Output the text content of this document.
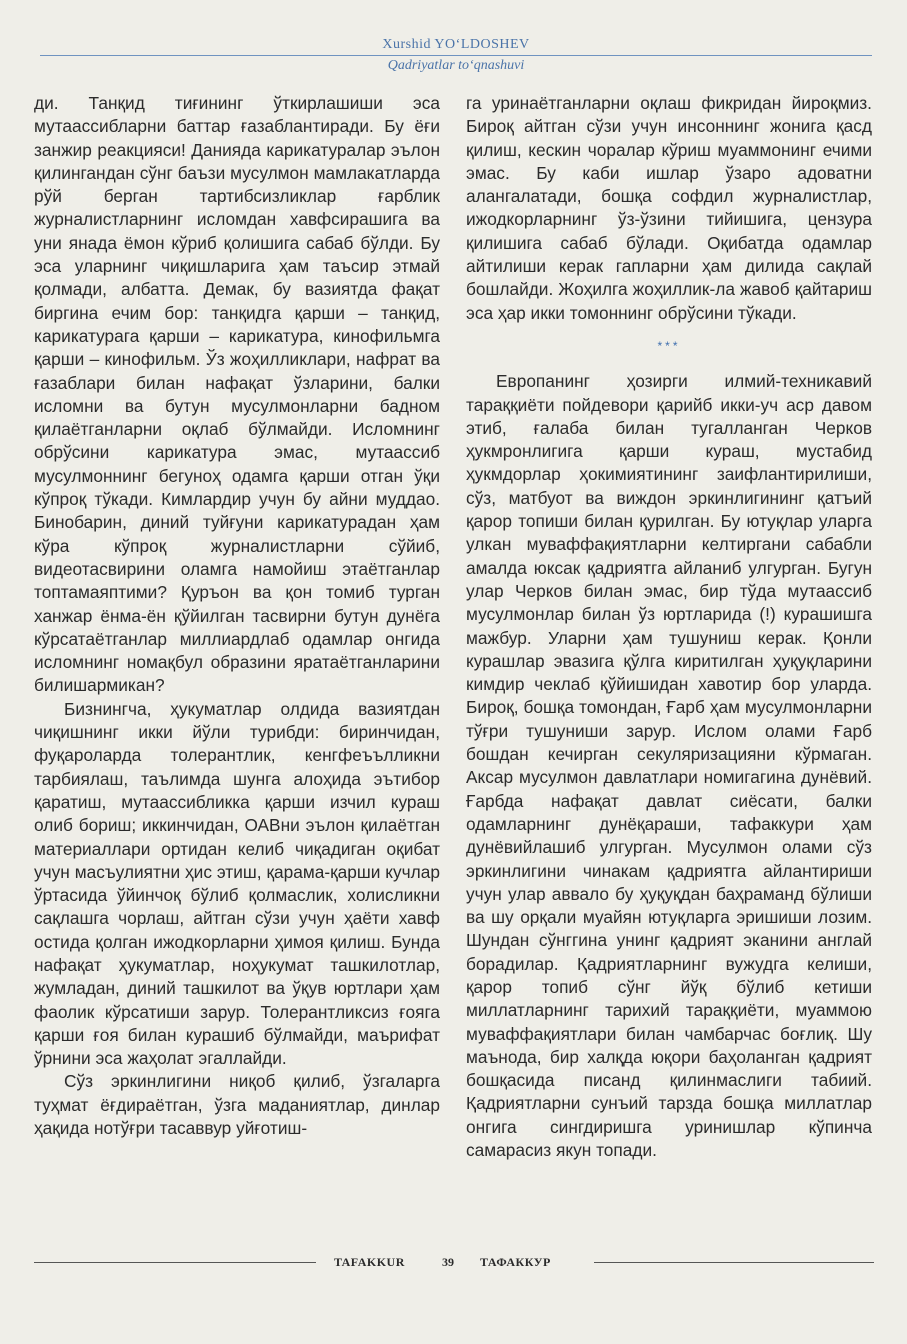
Xurshid YO‘LDOSHEV
Qadriyatlar to‘qnashuvi

ди. Танқид тиғининг ўткирлашиши эса мутаассибларни баттар ғазаблантиради. Бу ёғи занжир реакцияси! Данияда карикатуралар эълон қилингандан сўнг баъзи мусулмон мамлакатларда рўй берган тартибсизликлар ғарблик журналистларнинг исломдан хавфсирашига ва уни янада ёмон кўриб қолишига сабаб бўлди. Бу эса уларнинг чиқишларига ҳам таъсир этмай қолмади, албатта. Демак, бу вазиятда фақат биргина ечим бор: танқидга қарши – танқид, карикатурага қарши – карикатура, кинофильмга қарши – кинофильм. Ўз жоҳилликлари, нафрат ва ғазаблари билан нафақат ўзларини, балки исломни ва бутун мусулмонларни бадном қилаётганларни оқлаб бўлмайди. Исломнинг обрўсини карикатура эмас, мутаассиб мусулмоннинг бегуноҳ одамга қарши отган ўқи кўпроқ тўкади. Кимлардир учун бу айни муддао. Бинобарин, диний туйғуни карикатурадан ҳам кўра кўпроқ журналистларни сўйиб, видеотасвирини оламга намойиш этаётганлар топтамаяптими? Қуръон ва қон томиб турган ханжар ёнма-ён қўйилган тасвирни бутун дунёга кўрсатаётганлар миллиардлаб одамлар онгида исломнинг номақбул образини яратаётганларини билишармикан?

Бизнингча, ҳукуматлар олдида вазиятдан чиқишнинг икки йўли турибди: биринчидан, фуқароларда толерантлик, кенгфеъълликни тарбиялаш, таълимда шунга алоҳида эътибор қаратиш, мутаассибликка қарши изчил кураш олиб бориш; иккинчидан, ОАВни эълон қилаётган материаллари ортидан келиб чиқадиган оқибат учун масъулиятни ҳис этиш, қарама-қарши кучлар ўртасида ўйинчоқ бўлиб қолмаслик, холисликни сақлашга чорлаш, айтган сўзи учун ҳаёти хавф остида қолган ижодкорларни ҳимоя қилиш. Бунда нафақат ҳукуматлар, ноҳукумат ташкилотлар, жумладан, диний ташкилот ва ўқув юртлари ҳам фаолик кўрсатиши зарур. Толерантликсиз ғояга қарши ғоя билан курашиб бўлмайди, маърифат ўрнини эса жаҳолат эгаллайди.

Сўз эркинлигини ниқоб қилиб, ўзгаларга туҳмат ёғдираётган, ўзга маданиятлар, динлар ҳақида нотўғри тасаввур уйғотиш-

га уринаётганларни оқлаш фикридан йироқмиз. Бироқ айтган сўзи учун инсоннинг жонига қасд қилиш, кескин чоралар кўриш муаммонинг ечими эмас. Бу каби ишлар ўзаро адоватни алангалатади, бошқа софдил журналистлар, ижодкорларнинг ўз-ўзини тийишига, цензура қилишига сабаб бўлади. Оқибатда одамлар айтилиши керак гапларни ҳам дилида сақлай бошлайди. Жоҳилга жоҳиллик-ла жавоб қайтариш эса ҳар икки томоннинг обрўсини тўкади.

***

Европанинг ҳозирги илмий-техникавий тараққиёти пойдевори қарийб икки-уч аср давом этиб, ғалаба билан тугалланган Черков ҳукмронлигига қарши кураш, мустабид ҳукмдорлар ҳокимиятининг заифлантирилиши, сўз, матбуот ва виждон эркинлигининг қатъий қарор топиши билан қурилган. Бу ютуқлар уларга улкан муваффақиятларни келтиргани сабабли амалда юксак қадриятга айланиб улгурган. Бугун улар Черков билан эмас, бир тўда мутаассиб мусулмонлар билан ўз юртларида (!) курашишга мажбур. Уларни ҳам тушуниш керак. Қонли курашлар эвазига қўлга киритилган ҳуқуқларини кимдир чеклаб қўйишидан хавотир бор уларда. Бироқ, бошқа томондан, Ғарб ҳам мусулмонларни тўғри тушуниши зарур. Ислом олами Ғарб бошдан кечирган секуляризацияни кўрмаган. Аксар мусулмон давлатлари номигагина дунёвий. Ғарбда нафақат давлат сиёсати, балки одамларнинг дунёқараши, тафаккури ҳам дунёвийлашиб улгурган. Мусулмон олами сўз эркинлигини чинакам қадриятга айлантириши учун улар аввало бу ҳуқуқдан баҳраманд бўлиши ва шу орқали муайян ютуқларга эришиши лозим. Шундан сўнггина унинг қадрият эканини англай борадилар. Қадриятларнинг вужудга келиши, қарор топиб сўнг йўқ бўлиб кетиши миллатларнинг тарихий тараққиёти, муаммою муваффақиятлари билан чамбарчас боғлиқ. Шу маънода, бир халқда юқори баҳоланган қадрият бошқасида писанд қилинмаслиги табиий. Қадриятларни сунъий тарзда бошқа миллатлар онгига сингдиришга уринишлар кўпинча самарасиз якун топади.

TAFAKKUR	39 ТАФАККУР
